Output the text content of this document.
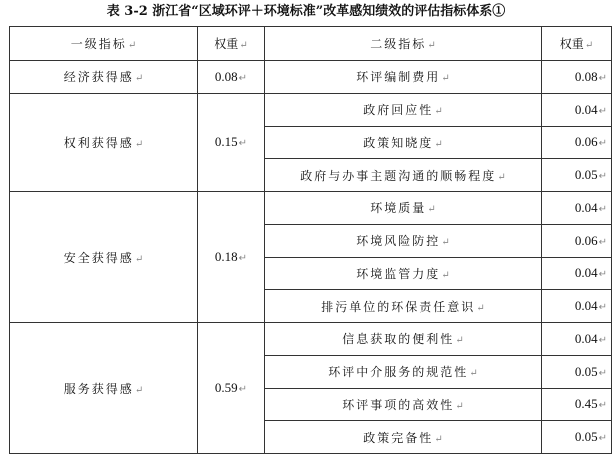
表 3-2 浙江省“区域环评＋环境标准”改革感知绩效的评估指标体系①
一级指标↵	权重↵	二级指标↵	权重↵
经济获得感↵	0.08↵	环评编制费用↵	0.08↵
权利获得感↵	0.15↵	政府回应性↵	0.04↵
		政策知晓度↵	0.06↵
		政府与办事主题沟通的顺畅程度↵	0.05↵
安全获得感↵	0.18↵	环境质量↵	0.04↵
		环境风险防控↵	0.06↵
		环境监管力度↵	0.04↵
		排污单位的环保责任意识↵	0.04↵
服务获得感↵	0.59↵	信息获取的便利性↵	0.04↵
		环评中介服务的规范性↵	0.05↵
		环评事项的高效性↵	0.45↵
		政策完备性↵	0.05↵
